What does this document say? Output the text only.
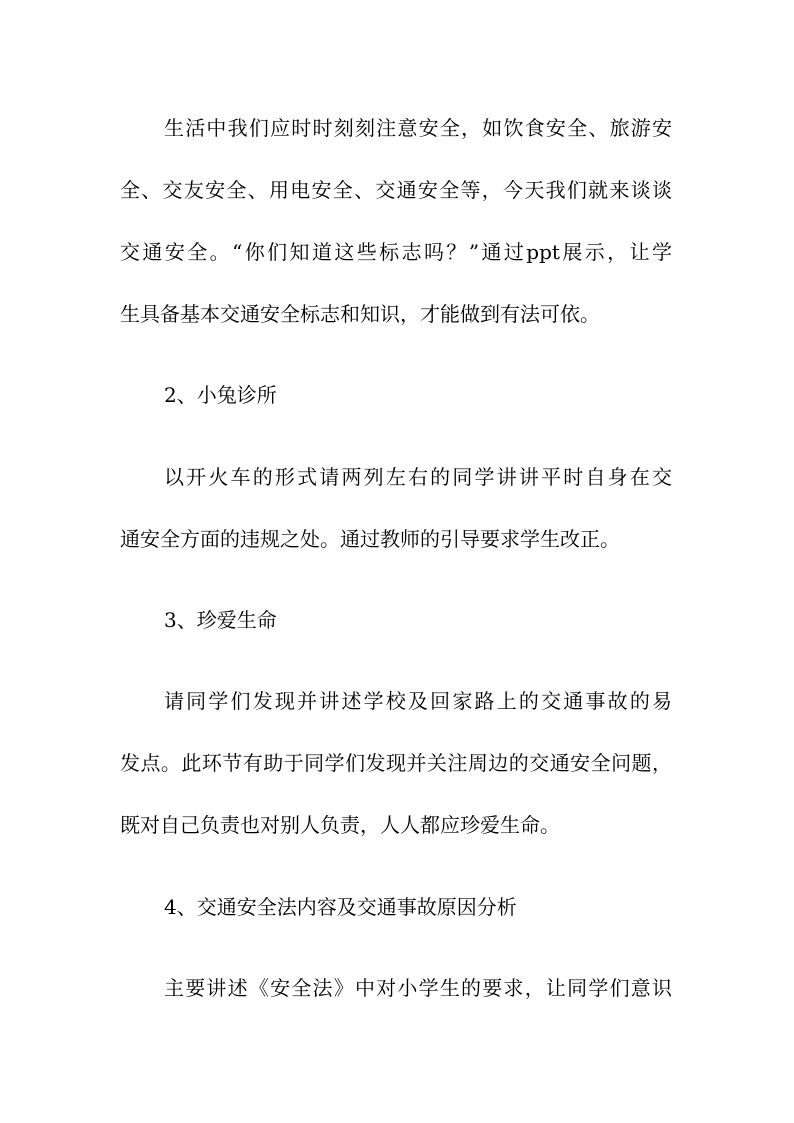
生活中我们应时时刻刻注意安全，如饮食安全、旅游安
全、交友安全、用电安全、交通安全等，今天我们就来谈谈
交通安全。“你们知道这些标志吗？”通过ppt展示，让学
生具备基本交通安全标志和知识，才能做到有法可依。
2、小兔诊所
以开火车的形式请两列左右的同学讲讲平时自身在交
通安全方面的违规之处。通过教师的引导要求学生改正。
3、珍爱生命
请同学们发现并讲述学校及回家路上的交通事故的易
发点。此环节有助于同学们发现并关注周边的交通安全问题，
既对自己负责也对别人负责，人人都应珍爱生命。
4、交通安全法内容及交通事故原因分析
主要讲述《安全法》中对小学生的要求，让同学们意识
